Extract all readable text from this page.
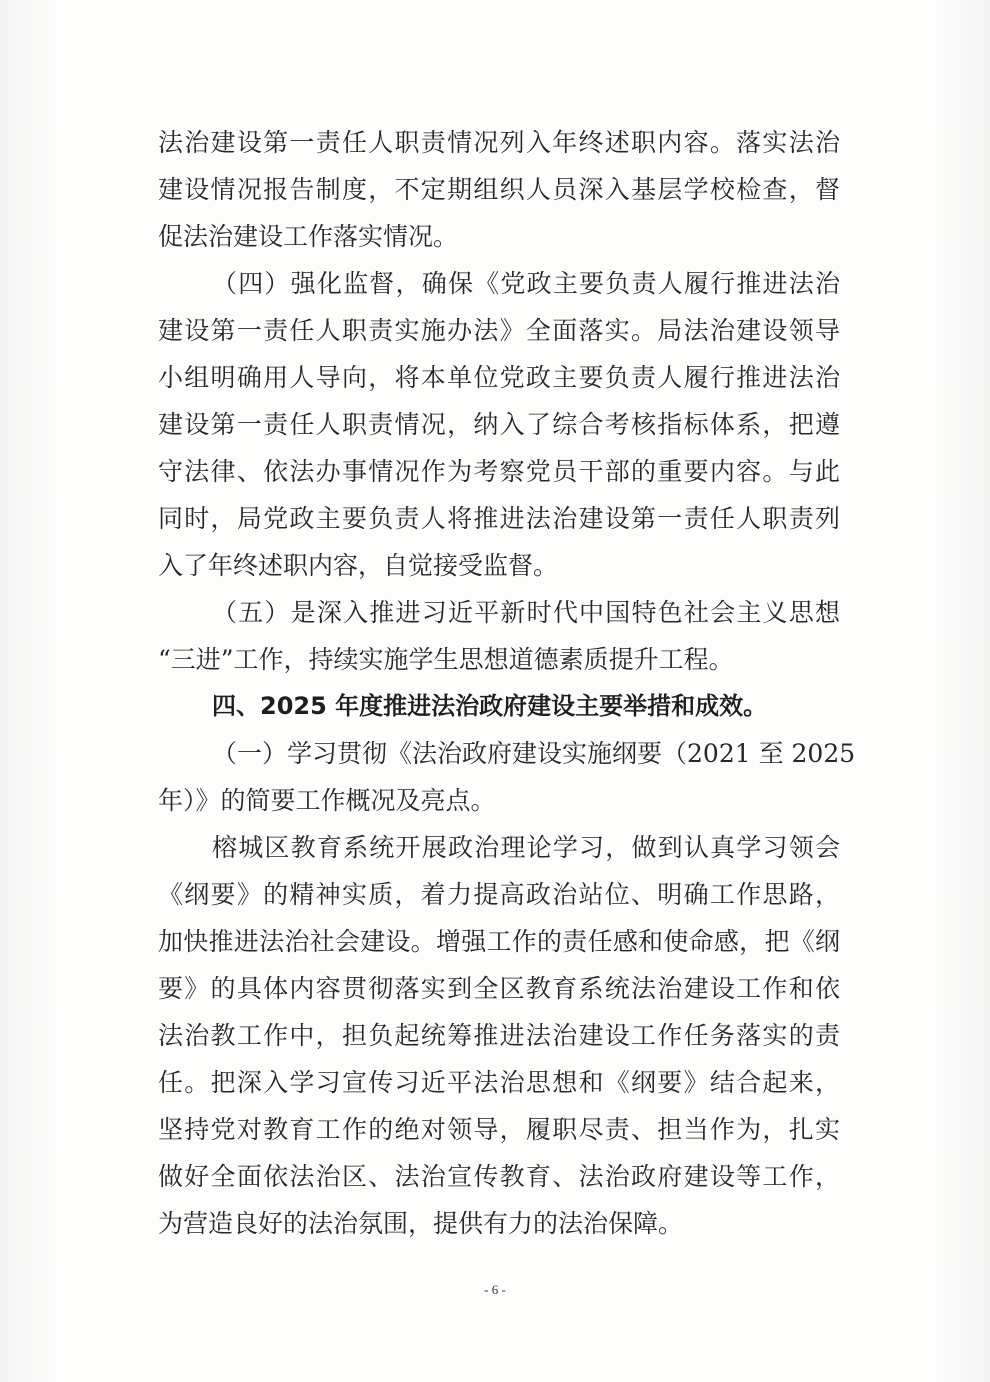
法治建设第一责任人职责情况列入年终述职内容。落实法治
建设情况报告制度，不定期组织人员深入基层学校检查，督
促法治建设工作落实情况。
（四）强化监督，确保《党政主要负责人履行推进法治
建设第一责任人职责实施办法》全面落实。局法治建设领导
小组明确用人导向，将本单位党政主要负责人履行推进法治
建设第一责任人职责情况，纳入了综合考核指标体系，把遵
守法律、依法办事情况作为考察党员干部的重要内容。与此
同时，局党政主要负责人将推进法治建设第一责任人职责列
入了年终述职内容，自觉接受监督。
（五）是深入推进习近平新时代中国特色社会主义思想
“三进”工作，持续实施学生思想道德素质提升工程。
四、2025 年度推进法治政府建设主要举措和成效。
（一）学习贯彻《法治政府建设实施纲要（2021 至 2025
年）》的简要工作概况及亮点。
榕城区教育系统开展政治理论学习，做到认真学习领会
《纲要》的精神实质，着力提高政治站位、明确工作思路，
加快推进法治社会建设。增强工作的责任感和使命感，把《纲
要》的具体内容贯彻落实到全区教育系统法治建设工作和依
法治教工作中，担负起统筹推进法治建设工作任务落实的责
任。把深入学习宣传习近平法治思想和《纲要》结合起来，
坚持党对教育工作的绝对领导，履职尽责、担当作为，扎实
做好全面依法治区、法治宣传教育、法治政府建设等工作，
为营造良好的法治氛围，提供有力的法治保障。
- 6 -
